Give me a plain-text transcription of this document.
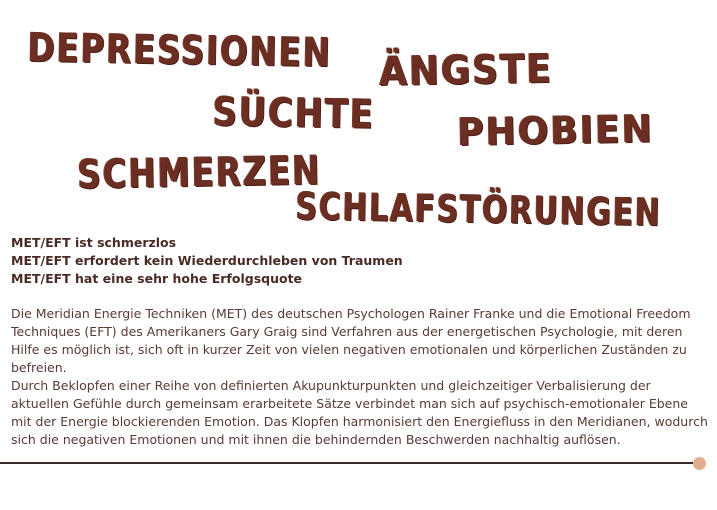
DEPRESSIONEN ÄNGSTE
SÜCHTE PHOBIEN
SCHMERZEN
SCHLAFSTÖRUNGEN
MET/EFT ist schmerzlos
MET/EFT erfordert kein Wiederdurchleben von Traumen
MET/EFT hat eine sehr hohe Erfolgsquote

Die Meridian Energie Techniken (MET) des deutschen Psychologen Rainer Franke und die Emotional Freedom Techniques (EFT) des Amerikaners Gary Graig sind Verfahren aus der energetischen Psychologie, mit deren Hilfe es möglich ist, sich oft in kurzer Zeit von vielen negativen emotionalen und körperlichen Zuständen zu befreien.

Durch Beklopfen einer Reihe von definierten Akupunkturpunkten und gleichzeitiger Verbalisierung der aktuellen Gefühle durch gemeinsam erarbeitete Sätze verbindet man sich auf psychisch-emotionaler Ebene mit der Energie blockierenden Emotion. Das Klopfen harmonisiert den Energiefluss in den Meridianen, wodurch sich die negativen Emotionen und mit ihnen die behindernden Beschwerden nachhaltig auflösen.
